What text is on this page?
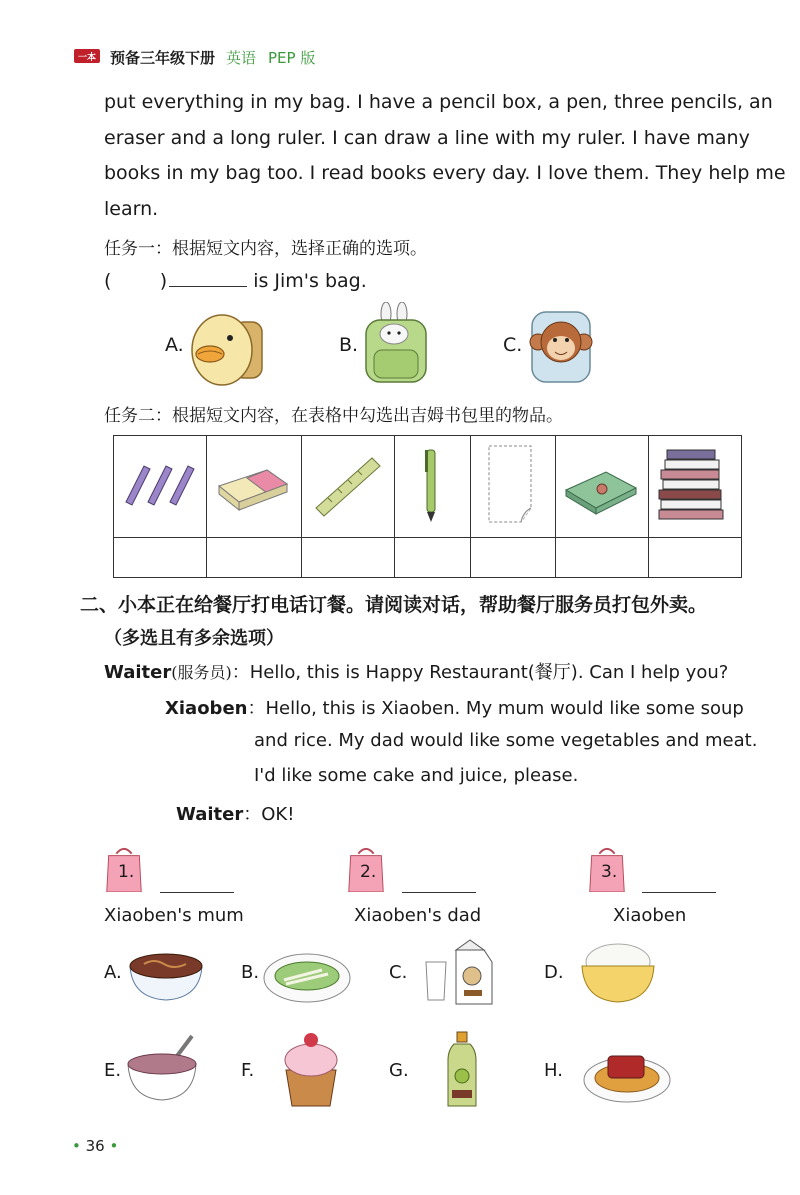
一本 预备三年级下册 英语 PEP 版
put everything in my bag. I have a pencil box, a pen, three pencils, an
eraser and a long ruler. I can draw a line with my ruler. I have many
books in my bag too. I read books every day. I love them. They help me
learn.
任务一：根据短文内容，选择正确的选项。
(        )	is Jim's bag.
A.	B.	C.
任务二：根据短文内容，在表格中勾选出吉姆书包里的物品。

二、小本正在给餐厅打电话订餐。请阅读对话，帮助餐厅服务员打包外卖。
（多选且有多余选项）
Waiter(服务员)：Hello, this is Happy Restaurant(餐厅). Can I help you?
Xiaoben：Hello, this is Xiaoben. My mum would like some soup
and rice. My dad would like some vegetables and meat.
I'd like some cake and juice, please.
Waiter：OK!
1.
Xiaoben's mum
2.
Xiaoben's dad
3.
Xiaoben
A.	B.	C.	D.
E.	F.	G.	H.
• 36 •
